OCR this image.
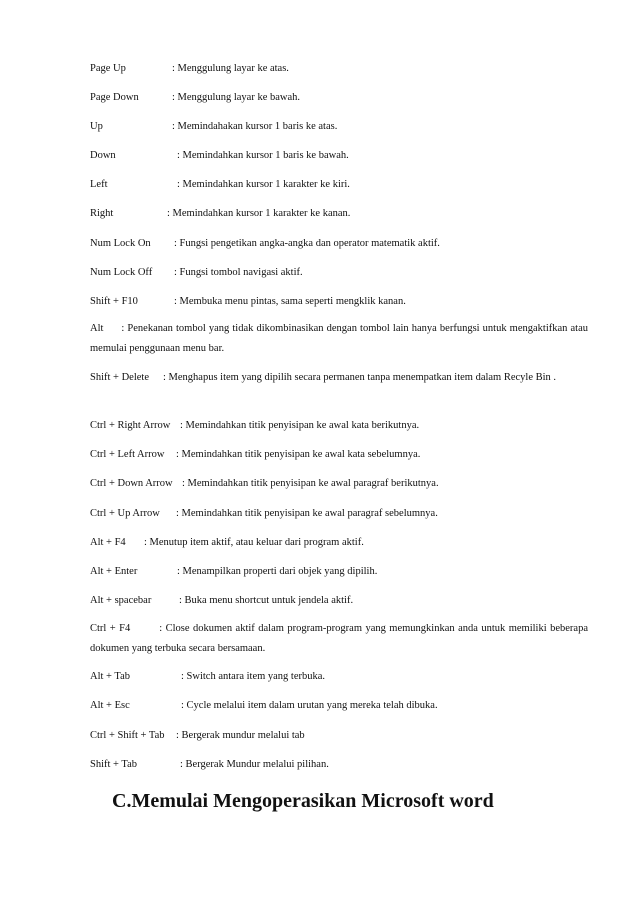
Page Up	: Menggulung layar ke atas.
Page Down	: Menggulung layar ke bawah.
Up	: Memindahakan kursor 1 baris ke atas.
Down	: Memindahkan kursor 1 baris ke bawah.
Left	: Memindahkan kursor 1 karakter ke kiri.
Right	: Memindahkan kursor 1 karakter ke kanan.
Num Lock On : Fungsi pengetikan angka-angka dan operator matematik aktif.
Num Lock Off : Fungsi tombol navigasi aktif.
Shift + F10	: Membuka menu pintas, sama seperti mengklik kanan.
Alt : Penekanan tombol yang tidak dikombinasikan dengan tombol lain hanya berfungsi untuk mengaktifkan atau memulai penggunaan menu bar.
Shift + Delete : Menghapus item yang dipilih secara permanen tanpa menempatkan item dalam Recyle Bin .
Ctrl + Right Arrow : Memindahkan titik penyisipan ke awal kata berikutnya.
Ctrl + Left Arrow : Memindahkan titik penyisipan ke awal kata sebelumnya.
Ctrl + Down Arrow : Memindahkan titik penyisipan ke awal paragraf berikutnya.
Ctrl + Up Arrow : Memindahkan titik penyisipan ke awal paragraf sebelumnya.
Alt + F4 : Menutup item aktif, atau keluar dari program aktif.
Alt + Enter	: Menampilkan properti dari objek yang dipilih.
Alt + spacebar	: Buka menu shortcut untuk jendela aktif.
Ctrl + F4	: Close dokumen aktif dalam program-program yang memungkinkan anda untuk memiliki beberapa dokumen yang terbuka secara bersamaan.
Alt + Tab	: Switch antara item yang terbuka.
Alt + Esc	: Cycle melalui item dalam urutan yang mereka telah dibuka.
Ctrl + Shift + Tab : Bergerak mundur melalui tab
Shift + Tab	: Bergerak Mundur melalui pilihan.
C.Memulai Mengoperasikan Microsoft word
